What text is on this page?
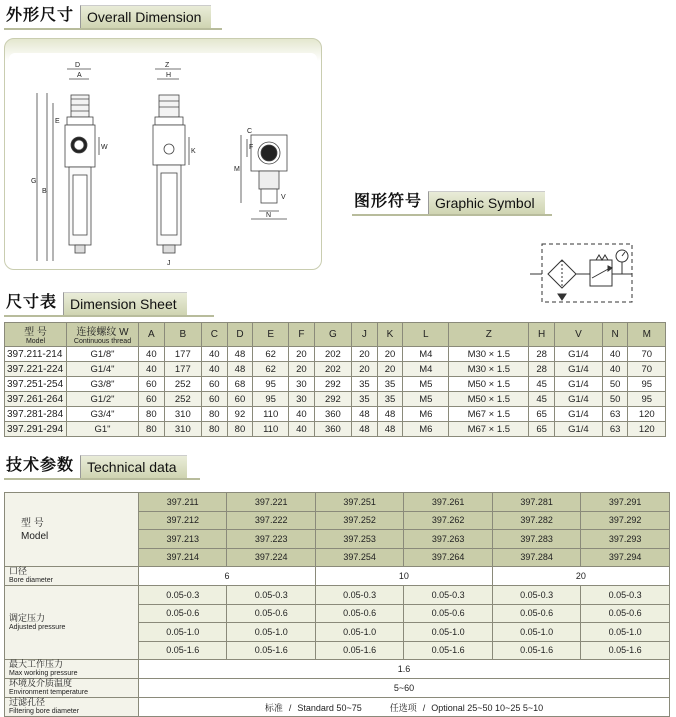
外形尺寸 Overall Dimension
D
A
E
B
G
W
Z
H
K
J
C
F
M
V
N
图形符号 Graphic Symbol
尺寸表 Dimension Sheet
型 号
Model	连接螺纹 W
Continuous thread	A	B	C	D	E	F	G	J	K	L	Z	H	V	N	M
397.211-214	G1/8"	40	177	40	48	62	20	202	20	20	M4	M30 × 1.5	28	G1/4	40	70
397.221-224	G1/4"	40	177	40	48	62	20	202	20	20	M4	M30 × 1.5	28	G1/4	40	70
397.251-254	G3/8"	60	252	60	68	95	30	292	35	35	M5	M50 × 1.5	45	G1/4	50	95
397.261-264	G1/2"	60	252	60	60	95	30	292	35	35	M5	M50 × 1.5	45	G1/4	50	95
397.281-284	G3/4"	80	310	80	92	110	40	360	48	48	M6	M67 × 1.5	65	G1/4	63	120
397.291-294	G1"	80	310	80	80	110	40	360	48	48	M6	M67 × 1.5	65	G1/4	63	120
技术参数 Technical data
型 号
Model	397.211	397.221	397.251	397.261	397.281	397.291
	397.212	397.222	397.252	397.262	397.282	397.292
	397.213	397.223	397.253	397.263	397.283	397.293
	397.214	397.224	397.254	397.264	397.284	397.294
口径
Bore diameter	6		10		20	
调定压力
Adjusted pressure	0.05-0.3	0.05-0.3	0.05-0.3	0.05-0.3	0.05-0.3	0.05-0.3
	0.05-0.6	0.05-0.6	0.05-0.6	0.05-0.6	0.05-0.6	0.05-0.6
	0.05-1.0	0.05-1.0	0.05-1.0	0.05-1.0	0.05-1.0	0.05-1.0
	0.05-1.6	0.05-1.6	0.05-1.6	0.05-1.6	0.05-1.6	0.05-1.6
最大工作压力
Max working pressure	1.6					
环境及介质温度
Environment temperature	5~60					
过滤孔径
Filtering bore diameter	标准 / Standard 50~75 任选项 / Optional 25~50 10~25 5~10					
